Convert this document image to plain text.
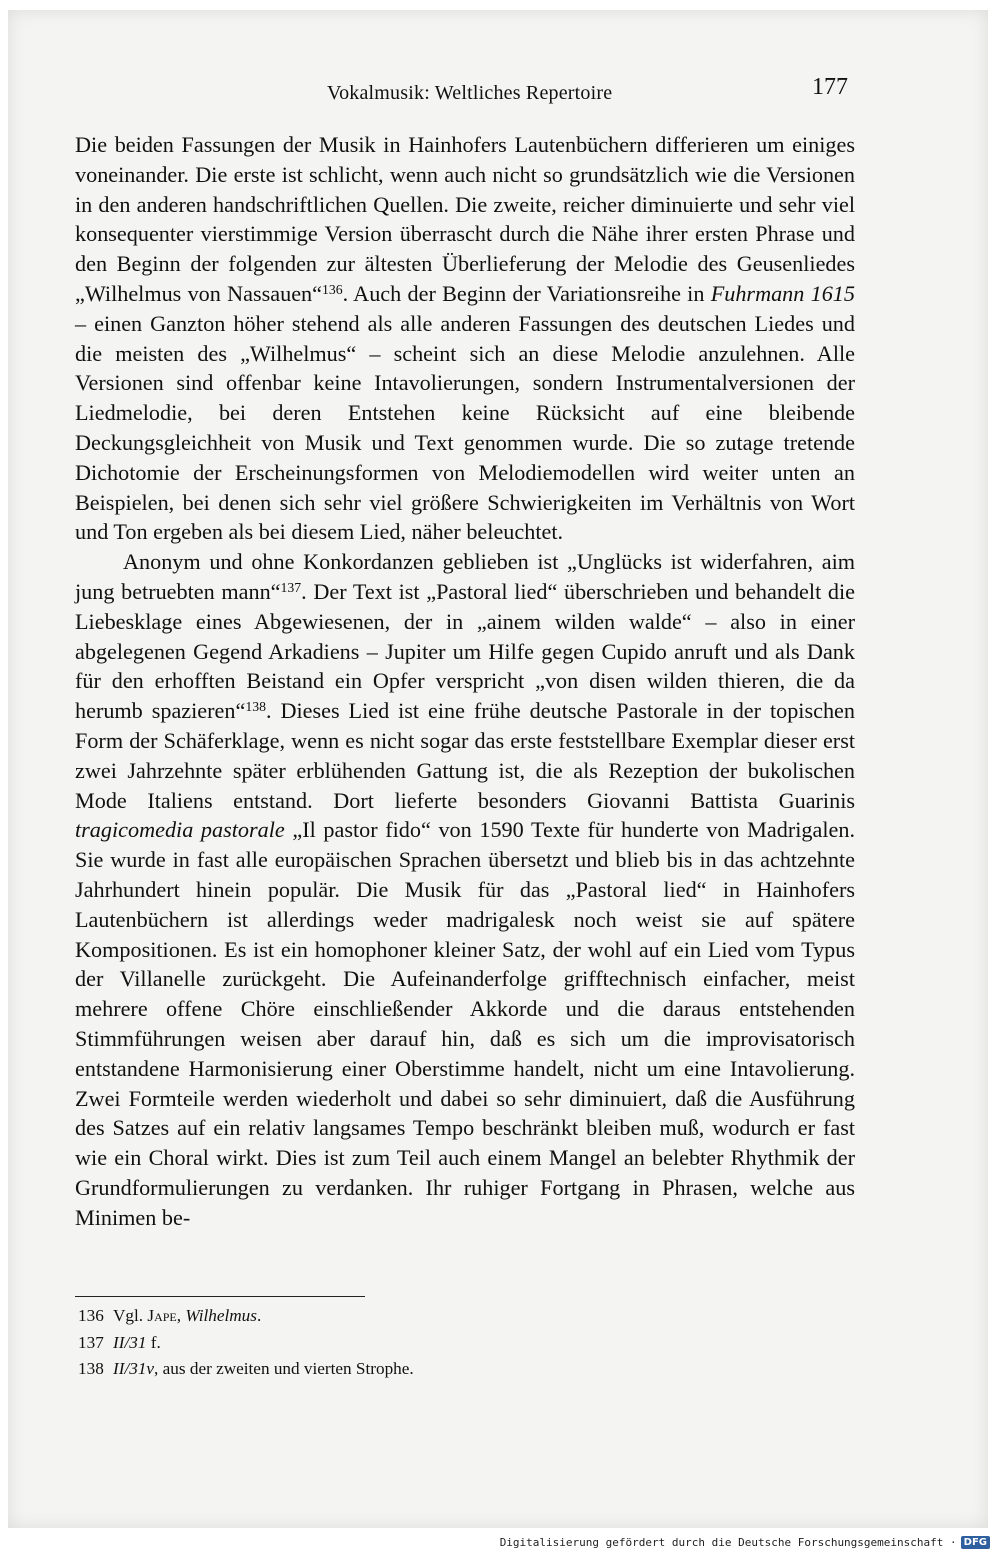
Vokalmusik: Weltliches Repertoire	177

Die beiden Fassungen der Musik in Hainhofers Lautenbüchern differieren um einiges voneinander. Die erste ist schlicht, wenn auch nicht so grundsätzlich wie die Versionen in den anderen handschriftlichen Quellen. Die zweite, reicher diminuierte und sehr viel konsequenter vierstimmige Version überrascht durch die Nähe ihrer ersten Phrase und den Beginn der folgenden zur ältesten Überlieferung der Melodie des Geusenliedes „Wilhelmus von Nassauen“$^{136}$. Auch der Beginn der Variationsreihe in Fuhrmann 1615 – einen Ganzton höher stehend als alle anderen Fassungen des deutschen Liedes und die meisten des „Wilhelmus“ – scheint sich an diese Melodie anzulehnen. Alle Versionen sind offenbar keine Intavolierungen, sondern Instrumentalversionen der Liedmelodie, bei deren Entstehen keine Rücksicht auf eine bleibende Deckungsgleichheit von Musik und Text genommen wurde. Die so zutage tretende Dichotomie der Erscheinungsformen von Melodiemodellen wird weiter unten an Beispielen, bei denen sich sehr viel größere Schwierigkeiten im Verhältnis von Wort und Ton ergeben als bei diesem Lied, näher beleuchtet.

Anonym und ohne Konkordanzen geblieben ist „Unglücks ist widerfahren, aim jung betruebten mann“$^{137}$. Der Text ist „Pastoral lied“ überschrieben und behandelt die Liebesklage eines Abgewiesenen, der in „ainem wilden walde“ – also in einer abgelegenen Gegend Arkadiens – Jupiter um Hilfe gegen Cupido anruft und als Dank für den erhofften Beistand ein Opfer verspricht „von disen wilden thieren, die da herumb spazieren“$^{138}$. Dieses Lied ist eine frühe deutsche Pastorale in der topischen Form der Schäferklage, wenn es nicht sogar das erste feststellbare Exemplar dieser erst zwei Jahrzehnte später erblühenden Gattung ist, die als Rezeption der bukolischen Mode Italiens entstand. Dort lieferte besonders Giovanni Battista Guarinis tragicomedia pastorale „Il pastor fido“ von 1590 Texte für hunderte von Madrigalen. Sie wurde in fast alle europäischen Sprachen übersetzt und blieb bis in das achtzehnte Jahrhundert hinein populär. Die Musik für das „Pastoral lied“ in Hainhofers Lautenbüchern ist allerdings weder madrigalesk noch weist sie auf spätere Kompositionen. Es ist ein homophoner kleiner Satz, der wohl auf ein Lied vom Typus der Villanelle zurückgeht. Die Aufeinanderfolge grifftechnisch einfacher, meist mehrere offene Chöre einschließender Akkorde und die daraus entstehenden Stimmführungen weisen aber darauf hin, daß es sich um die improvisatorisch entstandene Harmonisierung einer Oberstimme handelt, nicht um eine Intavolierung. Zwei Formteile werden wiederholt und dabei so sehr diminuiert, daß die Ausführung des Satzes auf ein relativ langsames Tempo beschränkt bleiben muß, wodurch er fast wie ein Choral wirkt. Dies ist zum Teil auch einem Mangel an belebter Rhythmik der Grundformulierungen zu verdanken. Ihr ruhiger Fortgang in Phrasen, welche aus Minimen be-

136 Vgl. Jape, Wilhelmus.
137 II/31 f.
138 II/31v, aus der zweiten und vierten Strophe.
Digitalisierung gefördert durch die Deutsche Forschungsgemeinschaft · DFG
